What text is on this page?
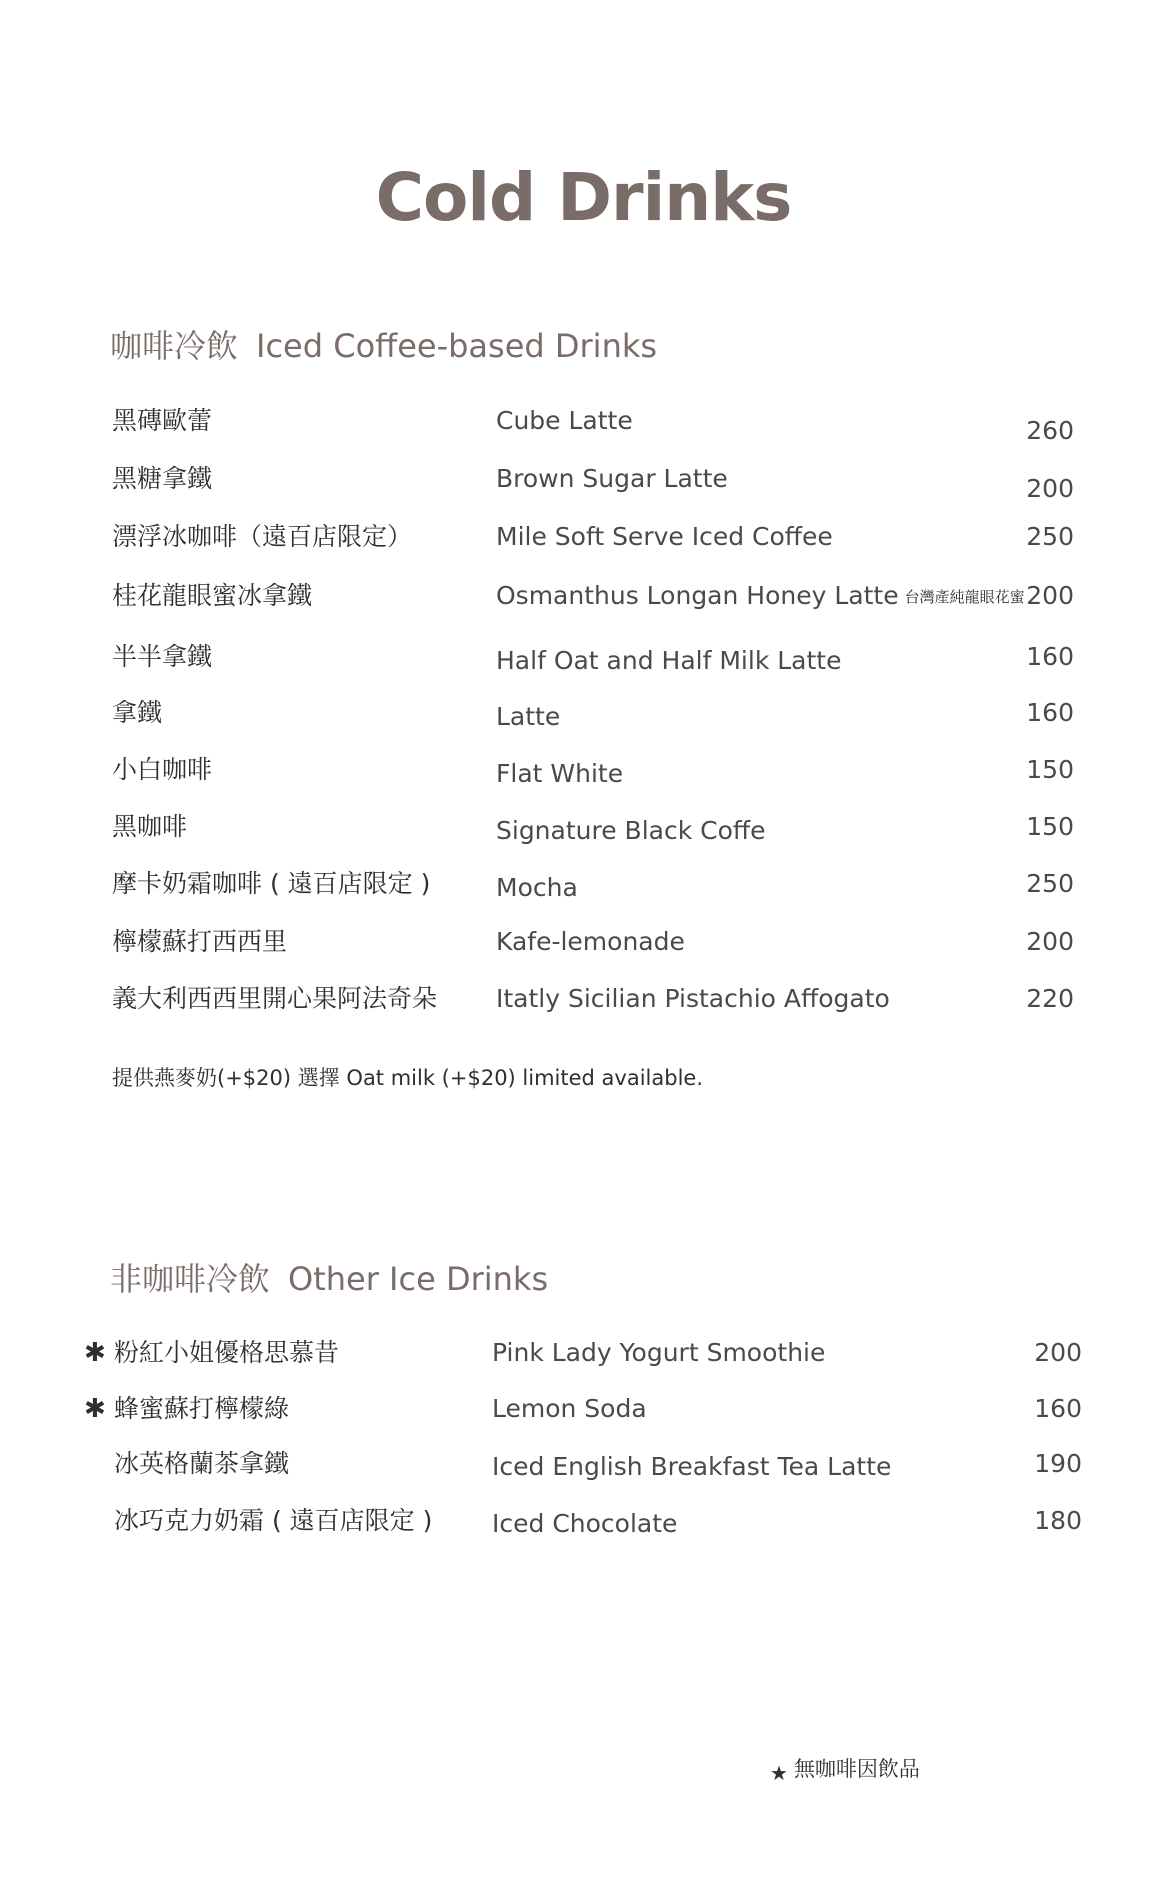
Cold Drinks
咖啡冷飲 Iced Coffee-based Drinks
黑磚歐蕾	Cube Latte	260
黑糖拿鐵	Brown Sugar Latte	200
漂浮冰咖啡（遠百店限定）	Mile Soft Serve Iced Coffee	250
桂花龍眼蜜冰拿鐵	Osmanthus Longan Honey Latte 台灣產純龍眼花蜜 200
半半拿鐵	Half Oat and Half Milk Latte	160
拿鐵	Latte	160
小白咖啡	Flat White	150
黑咖啡	Signature Black Coffe	150
摩卡奶霜咖啡 ( 遠百店限定 )	Mocha	250
檸檬蘇打西西里	Kafe-lemonade	200
義大利西西里開心果阿法奇朵 Itatly Sicilian Pistachio Affogato	220
提供燕麥奶(+$20) 選擇 Oat milk (+$20) limited available.
非咖啡冷飲 Other Ice Drinks
✱ 粉紅小姐優格思慕昔	Pink Lady Yogurt Smoothie	200
✱ 蜂蜜蘇打檸檬綠	Lemon Soda	160
冰英格蘭茶拿鐵	Iced English Breakfast Tea Latte	190
冰巧克力奶霜 ( 遠百店限定 ) Iced Chocolate	180
★ 無咖啡因飲品
